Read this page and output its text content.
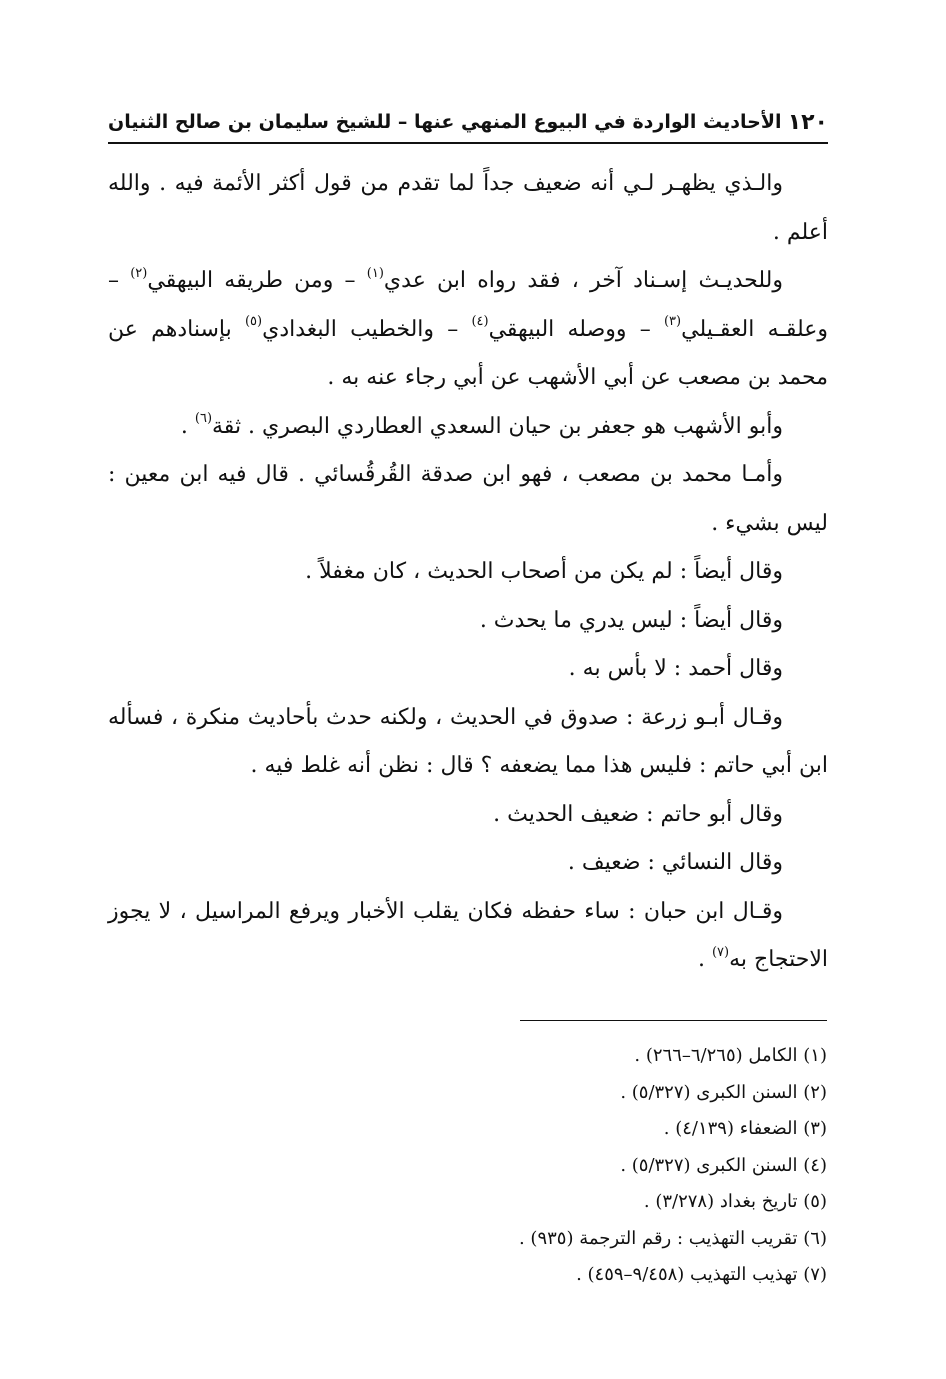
١٢٠
الأحاديث الواردة في البيوع المنهي عنها – للشيخ سليمان بن صالح الثنيان

والـذي يظهـر لـي أنه ضعيف جداً لما تقدم من قول أكثر الأئمة فيه . والله أعلم .

وللحديـث إسـناد آخر ، فقد رواه ابن عدي$^{(١)}$ – ومن طريقه البيهقي$^{(٢)}$ – وعلقـه العقـيلي$^{(٣)}$ – ووصله البيهقي$^{(٤)}$ – والخطيب البغدادي$^{(٥)}$ بإسنادهم عن محمد بن مصعب عن أبي الأشهب عن أبي رجاء عنه به .

وأبو الأشهب هو جعفر بن حيان السعدي العطاردي البصري . ثقة$^{(٦)}$ .

وأمـا محمد بن مصعب ، فهو ابن صدقة القُرقُسائي . قال فيه ابن معين : ليس بشيء .

وقال أيضاً : لم يكن من أصحاب الحديث ، كان مغفلاً .

وقال أيضاً : ليس يدري ما يحدث .

وقال أحمد : لا بأس به .

وقـال أبـو زرعة : صدوق في الحديث ، ولكنه حدث بأحاديث منكرة ، فسأله ابن أبي حاتم : فليس هذا مما يضعفه ؟ قال : نظن أنه غلط فيه .

وقال أبو حاتم : ضعيف الحديث .

وقال النسائي : ضعيف .

وقـال ابن حبان : ساء حفظه فكان يقلب الأخبار ويرفع المراسيل ، لا يجوز الاحتجاج به$^{(٧)}$ .

(١) الكامل (٦/٢٦٥–٢٦٦) .

(٢) السنن الكبرى (٥/٣٢٧) .

(٣) الضعفاء (٤/١٣٩) .

(٤) السنن الكبرى (٥/٣٢٧) .

(٥) تاريخ بغداد (٣/٢٧٨) .

(٦) تقريب التهذيب : رقم الترجمة (٩٣٥) .

(٧) تهذيب التهذيب (٩/٤٥٨–٤٥٩) .
